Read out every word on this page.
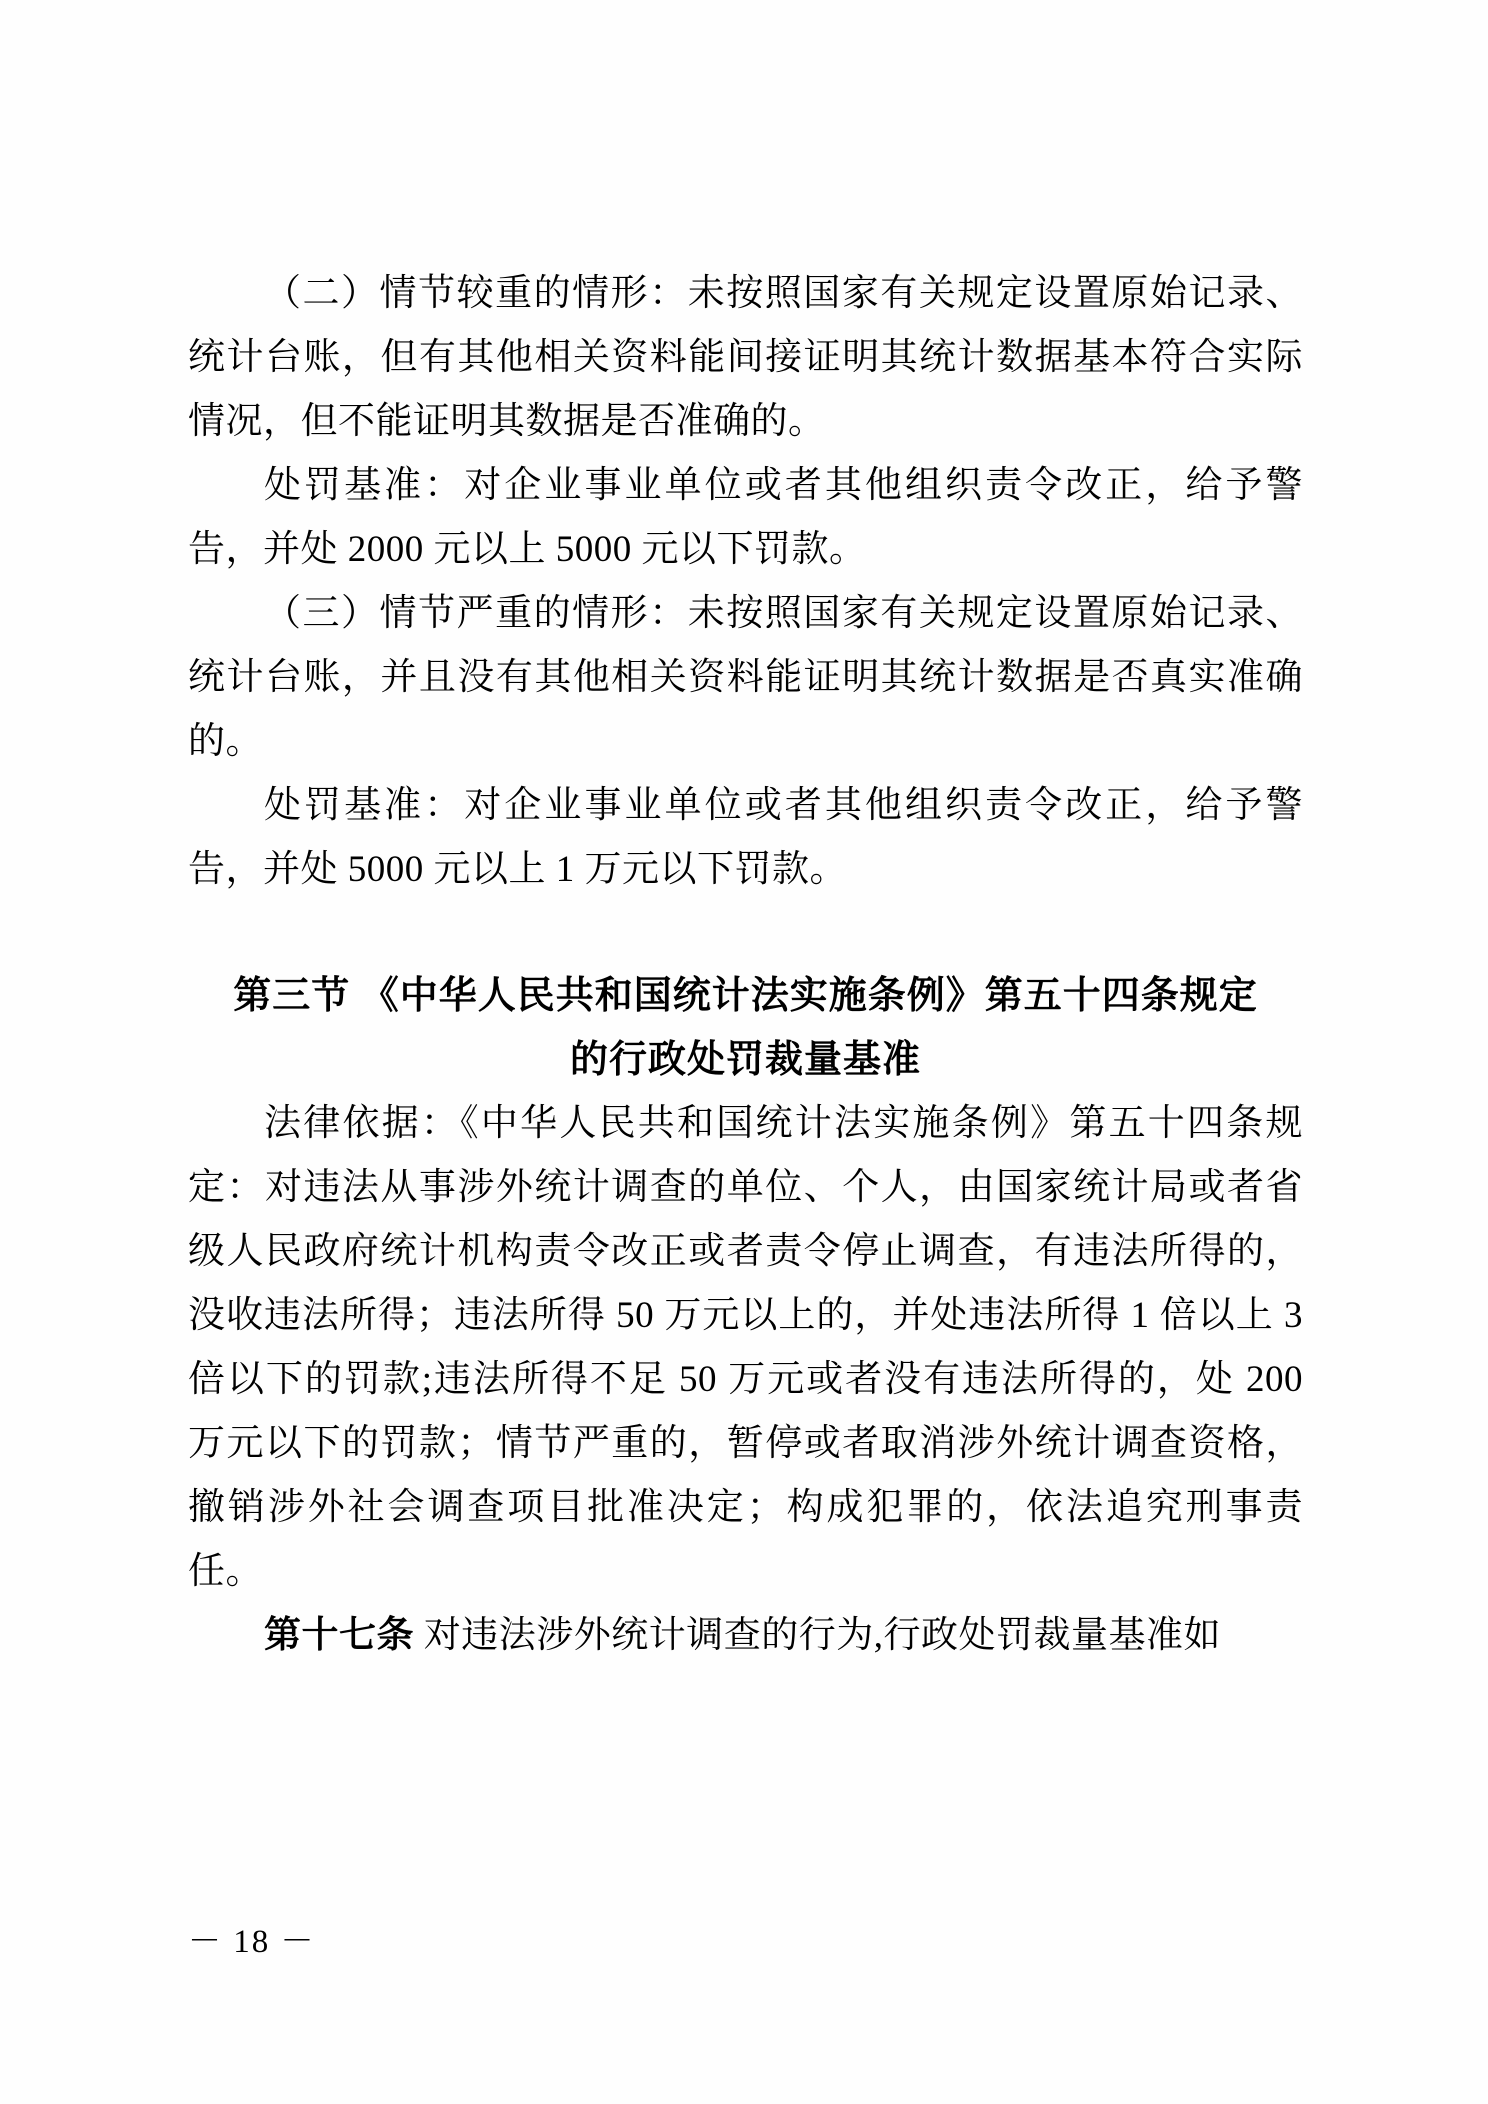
（二）情节较重的情形：未按照国家有关规定设置原始记录、统计台账，但有其他相关资料能间接证明其统计数据基本符合实际情况，但不能证明其数据是否准确的。

处罚基准：对企业事业单位或者其他组织责令改正，给予警告，并处 2000 元以上 5000 元以下罚款。

（三）情节严重的情形：未按照国家有关规定设置原始记录、统计台账，并且没有其他相关资料能证明其统计数据是否真实准确的。

处罚基准：对企业事业单位或者其他组织责令改正，给予警告，并处 5000 元以上 1 万元以下罚款。

第三节 《中华人民共和国统计法实施条例》第五十四条规定

的行政处罚裁量基准

法律依据：《中华人民共和国统计法实施条例》第五十四条规定：对违法从事涉外统计调查的单位、个人，由国家统计局或者省级人民政府统计机构责令改正或者责令停止调查，有违法所得的，没收违法所得；违法所得 50 万元以上的，并处违法所得 1 倍以上 3 倍以下的罚款;违法所得不足 50 万元或者没有违法所得的，处 200 万元以下的罚款；情节严重的，暂停或者取消涉外统计调查资格，撤销涉外社会调查项目批准决定；构成犯罪的，依法追究刑事责任。

第十七条 对违法涉外统计调查的行为,行政处罚裁量基准如

－ 18 －
